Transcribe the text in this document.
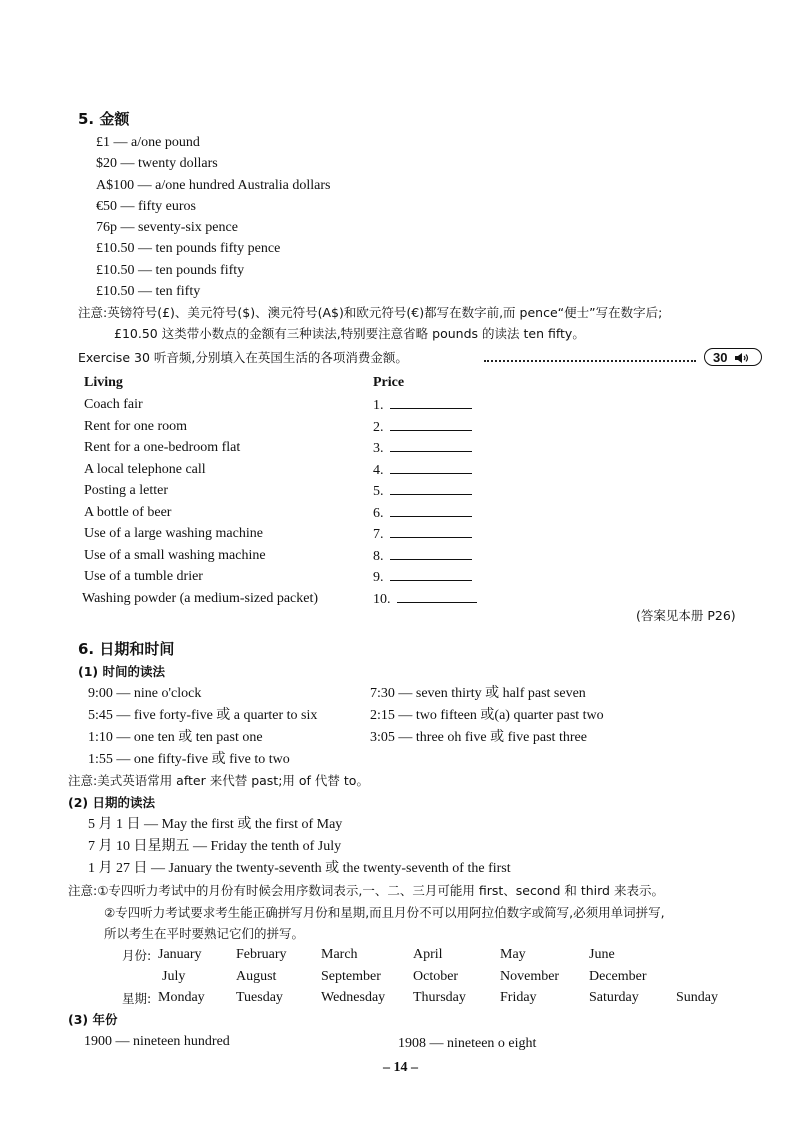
5. 金额
£1 — a/one pound
$20 — twenty dollars
A$100 — a/one hundred Australia dollars
€50 — fifty euros
76p — seventy-six pence
£10.50 — ten pounds fifty pence
£10.50 — ten pounds fifty
£10.50 — ten fifty
注意:英镑符号(£)、美元符号($)、澳元符号(A$)和欧元符号(€)都写在数字前,而 pence“便士”写在数字后;
£10.50 这类带小数点的金额有三种读法,特别要注意省略 pounds 的读法 ten fifty。
Exercise 30 听音频,分别填入在英国生活的各项消费金额。	30
Living	Price
Coach fair	1.
Rent for one room	2.
Rent for a one-bedroom flat	3.
A local telephone call	4.
Posting a letter	5.
A bottle of beer	6.
Use of a large washing machine	7.
Use of a small washing machine	8.
Use of a tumble drier	9.
Washing powder (a medium-sized packet)	10.
(答案见本册 P26)
6. 日期和时间
(1) 时间的读法
9:00 — nine o'clock	7:30 — seven thirty 或 half past seven
5:45 — five forty-five 或 a quarter to six	2:15 — two fifteen 或(a) quarter past two
1:10 — one ten 或 ten past one	3:05 — three oh five 或 five past three
1:55 — one fifty-five 或 five to two
注意:美式英语常用 after 来代替 past;用 of 代替 to。
(2) 日期的读法
5 月 1 日 — May the first 或 the first of May
7 月 10 日星期五 — Friday the tenth of July
1 月 27 日 — January the twenty-seventh 或 the twenty-seventh of the first
注意:①专四听力考试中的月份有时候会用序数词表示,一、二、三月可能用 first、second 和 third 来表示。
②专四听力考试要求考生能正确拼写月份和星期,而且月份不可以用阿拉伯数字或简写,必须用单词拼写,
所以考生在平时要熟记它们的拼写。
月份: January February March	April	May	June
July	August	September October	November December
星期: Monday Tuesday	Wednesday Thursday Friday	Saturday	Sunday
(3) 年份
1900 — nineteen hundred	1908 — nineteen o eight
– 14 –
